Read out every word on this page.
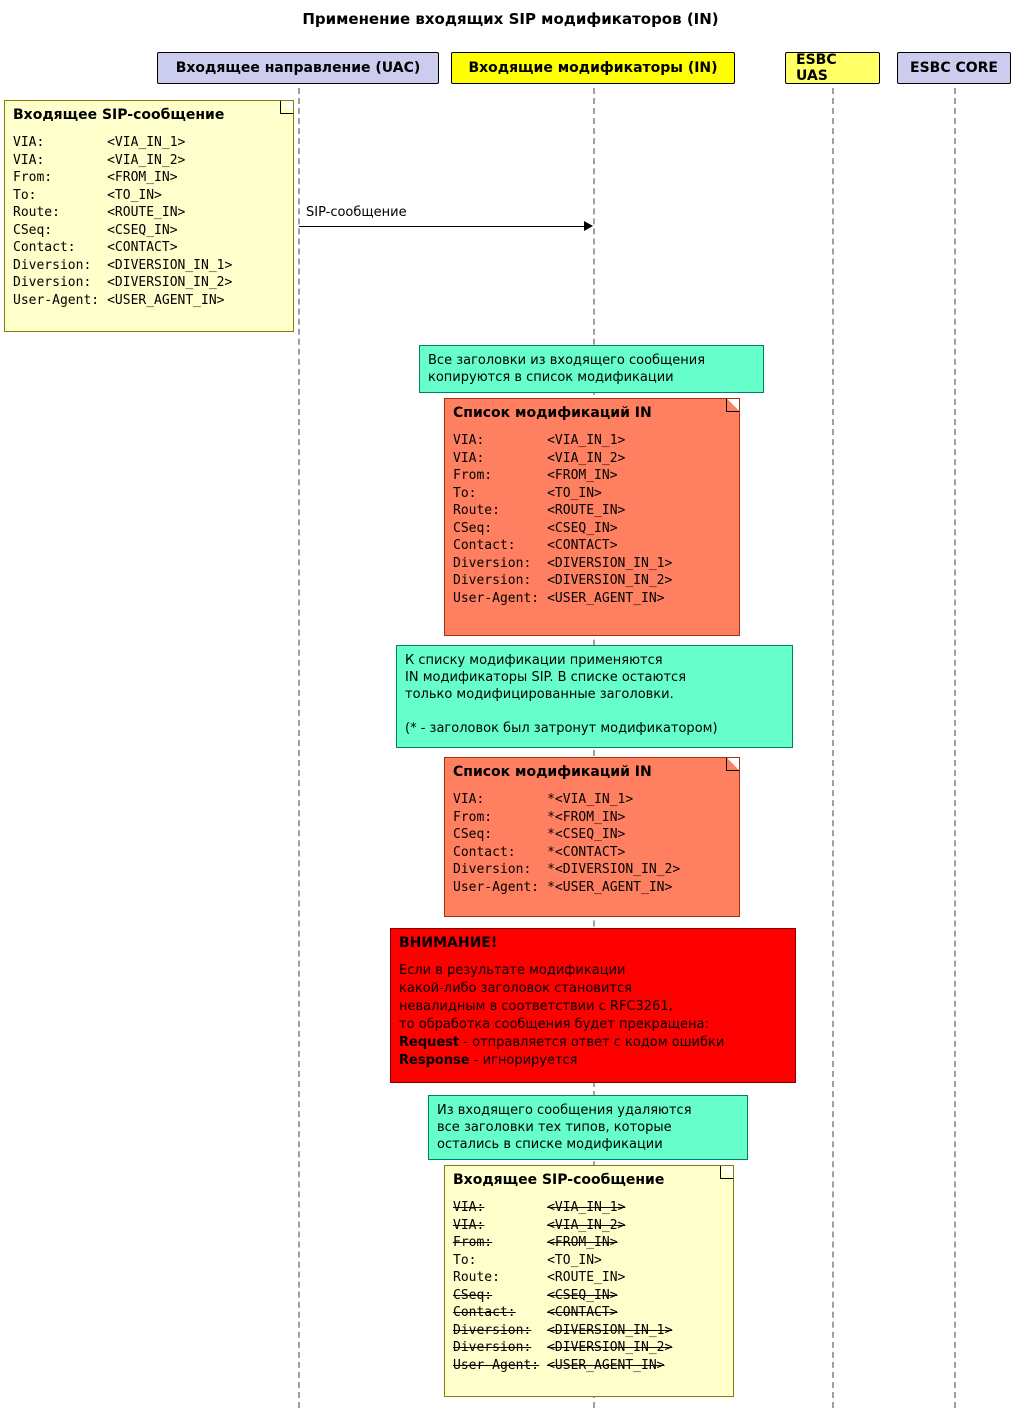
Применение входящих SIP модификаторов (IN)
Входящее направление (UAC)	Входящие модификаторы (IN)	ESBC UAS	ESBC CORE
SIP-сообщение
Входящее SIP-сообщение
VIA:	<VIA_IN_1>
VIA:	<VIA_IN_2>
From:	<FROM_IN>
To:	<TO_IN>
Route:	<ROUTE_IN>
CSeq:	<CSEQ_IN>
Contact:	<CONTACT>
Diversion:	<DIVERSION_IN_1>
Diversion:	<DIVERSION_IN_2>
User-Agent:	<USER_AGENT_IN>
Все заголовки из входящего сообщения
копируются в список модификации
Список модификаций IN
VIA:	<VIA_IN_1>
VIA:	<VIA_IN_2>
From:	<FROM_IN>
To:	<TO_IN>
Route:	<ROUTE_IN>
CSeq:	<CSEQ_IN>
Contact:	<CONTACT>
Diversion:	<DIVERSION_IN_1>
Diversion:	<DIVERSION_IN_2>
User-Agent:	<USER_AGENT_IN>
К списку модификации применяются
IN модификаторы SIP. В списке остаются
только модифицированные заголовки.

(* - заголовок был затронут модификатором)
Список модификаций IN
VIA:	*<VIA_IN_1>
From:	*<FROM_IN>
CSeq:	*<CSEQ_IN>
Contact:	*<CONTACT>
Diversion:	*<DIVERSION_IN_2>
User-Agent:	*<USER_AGENT_IN>
ВНИМАНИЕ!
Если в результате модификации
какой-либо заголовок становится
невалидным в соответствии с RFC3261,
то обработка сообщения будет прекращена:
Request - отправляется ответ с кодом ошибки
Response - игнорируется
Из входящего сообщения удаляются
все заголовки тех типов, которые
остались в списке модификации
Входящее SIP-сообщение
VIA:	<VIA_IN_1>
VIA:	<VIA_IN_2>
From:	<FROM_IN>
To:	<TO_IN>
Route:	<ROUTE_IN>
CSeq:	<CSEQ_IN>
Contact:	<CONTACT>
Diversion:	<DIVERSION_IN_1>
Diversion:	<DIVERSION_IN_2>
User-Agent:	<USER_AGENT_IN>
